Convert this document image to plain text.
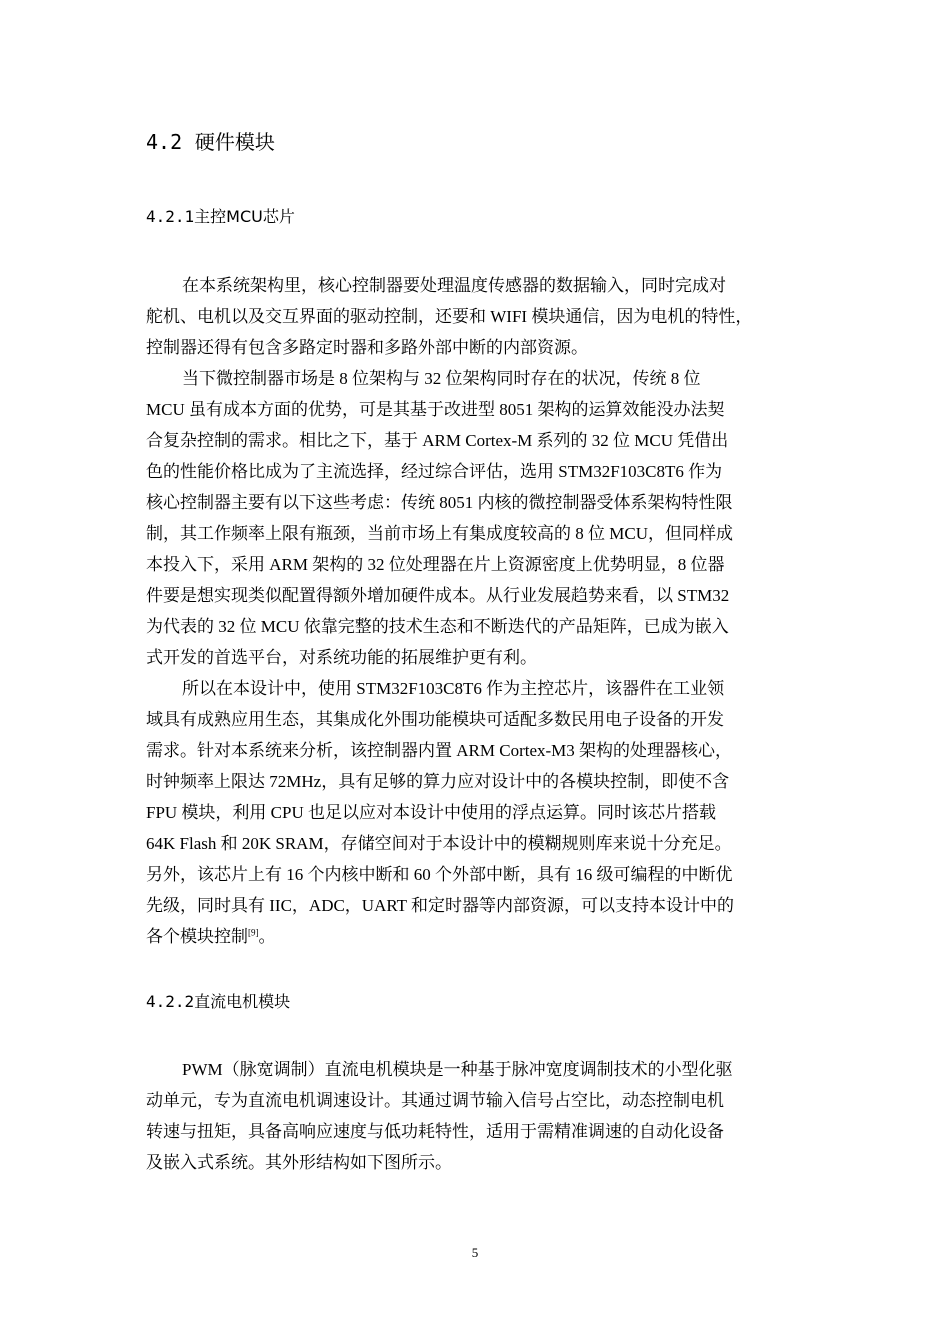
4.2 硬件模块
4.2.1主控MCU芯片
在本系统架构里，核心控制器要处理温度传感器的数据输入，同时完成对
舵机、电机以及交互界面的驱动控制，还要和 WIFI 模块通信，因为电机的特性，
控制器还得有包含多路定时器和多路外部中断的内部资源。
当下微控制器市场是 8 位架构与 32 位架构同时存在的状况，传统 8 位
MCU 虽有成本方面的优势，可是其基于改进型 8051 架构的运算效能没办法契
合复杂控制的需求。相比之下，基于 ARM Cortex-M 系列的 32 位 MCU 凭借出
色的性能价格比成为了主流选择，经过综合评估，选用 STM32F103C8T6 作为
核心控制器主要有以下这些考虑：传统 8051 内核的微控制器受体系架构特性限
制，其工作频率上限有瓶颈，当前市场上有集成度较高的 8 位 MCU，但同样成
本投入下，采用 ARM 架构的 32 位处理器在片上资源密度上优势明显，8 位器
件要是想实现类似配置得额外增加硬件成本。从行业发展趋势来看，以 STM32
为代表的 32 位 MCU 依靠完整的技术生态和不断迭代的产品矩阵，已成为嵌入
式开发的首选平台，对系统功能的拓展维护更有利。
所以在本设计中，使用 STM32F103C8T6 作为主控芯片，该器件在工业领
域具有成熟应用生态，其集成化外围功能模块可适配多数民用电子设备的开发
需求。针对本系统来分析，该控制器内置 ARM Cortex-M3 架构的处理器核心，
时钟频率上限达 72MHz，具有足够的算力应对设计中的各模块控制，即使不含
FPU 模块，利用 CPU 也足以应对本设计中使用的浮点运算。同时该芯片搭载
64K Flash 和 20K SRAM，存储空间对于本设计中的模糊规则库来说十分充足。
另外，该芯片上有 16 个内核中断和 60 个外部中断，具有 16 级可编程的中断优
先级，同时具有 IIC，ADC，UART 和定时器等内部资源，可以支持本设计中的
各个模块控制[9]。
4.2.2直流电机模块
PWM（脉宽调制）直流电机模块是一种基于脉冲宽度调制技术的小型化驱
动单元，专为直流电机调速设计。其通过调节输入信号占空比，动态控制电机
转速与扭矩，具备高响应速度与低功耗特性，适用于需精准调速的自动化设备
及嵌入式系统。其外形结构如下图所示。
5
